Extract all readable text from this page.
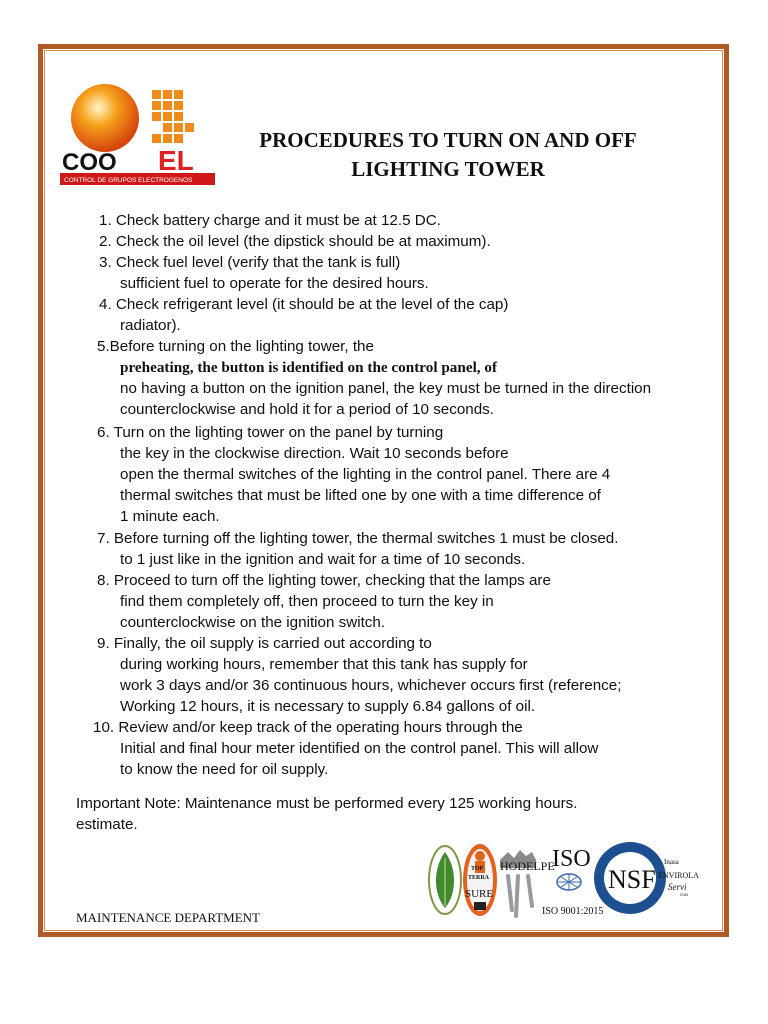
COO EL
CONTROL DE GRUPOS ELECTROGENOS
PROCEDURES TO TURN ON AND OFF
LIGHTING TOWER
1. Check battery charge and it must be at 12.5 DC.
2. Check the oil level (the dipstick should be at maximum).
3. Check fuel level (verify that the tank is full)
sufficient fuel to operate for the desired hours.
4. Check refrigerant level (it should be at the level of the cap)
radiator).
5.Before turning on the lighting tower, the
preheating, the button is identified on the control panel, of
no having a button on the ignition panel, the key must be turned in the direction
counterclockwise and hold it for a period of 10 seconds.
6. Turn on the lighting tower on the panel by turning
the key in the clockwise direction. Wait 10 seconds before
open the thermal switches of the lighting in the control panel. There are 4
thermal switches that must be lifted one by one with a time difference of
1 minute each.
7. Before turning off the lighting tower, the thermal switches 1 must be closed.
to 1 just like in the ignition and wait for a time of 10 seconds.
8. Proceed to turn off the lighting tower, checking that the lamps are
find them completely off, then proceed to turn the key in
counterclockwise on the ignition switch.
9. Finally, the oil supply is carried out according to
during working hours, remember that this tank has supply for
work 3 days and/or 36 continuous hours, whichever occurs first (reference;
Working 12 hours, it is necessary to supply 6.84 gallons of oil.
10. Review and/or keep track of the operating hours through the
Initial and final hour meter identified on the control panel. This will allow
to know the need for oil supply.
Important Note: Maintenance must be performed every 125 working hours.
estimate.
TOP
TERRA
SURE
HODELPE
ISO
ISO 9001:2015
NSF
Inasa
ENVIROLA
Servi
cios
MAINTENANCE DEPARTMENT
